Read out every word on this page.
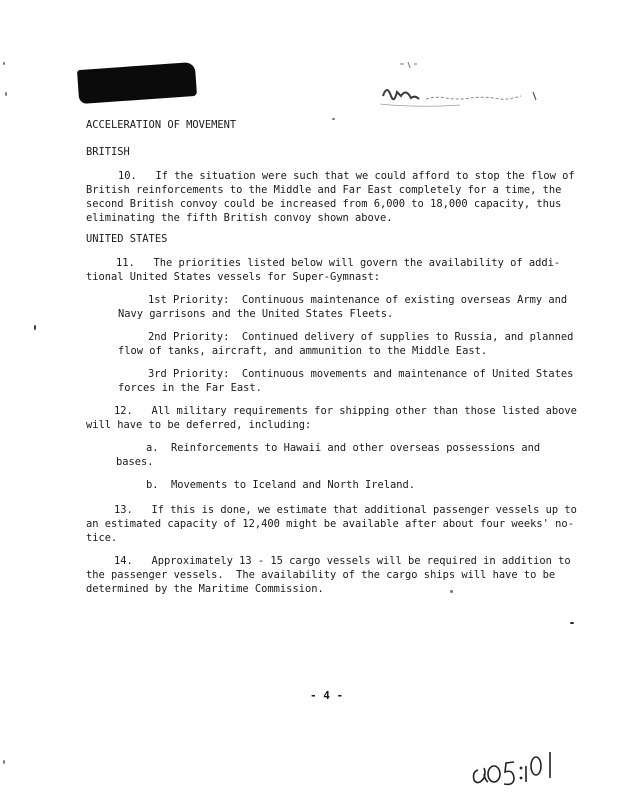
ACCELERATION OF MOVEMENT
BRITISH
10.   If the situation were such that we could afford to stop the flow of
British reinforcements to the Middle and Far East completely for a time, the
second British convoy could be increased from 6,000 to 18,000 capacity, thus
eliminating the fifth British convoy shown above.
UNITED STATES
11.   The priorities listed below will govern the availability of addi-
tional United States vessels for Super-Gymnast:
1st Priority:  Continuous maintenance of existing overseas Army and
Navy garrisons and the United States Fleets.
2nd Priority:  Continued delivery of supplies to Russia, and planned
flow of tanks, aircraft, and ammunition to the Middle East.
3rd Priority:  Continuous movements and maintenance of United States
forces in the Far East.
12.   All military requirements for shipping other than those listed above
will have to be deferred, including:
a.  Reinforcements to Hawaii and other overseas possessions and
bases.
b.  Movements to Iceland and North Ireland.
13.   If this is done, we estimate that additional passenger vessels up to
an estimated capacity of 12,400 might be available after about four weeks' no-
tice.
14.   Approximately 13 - 15 cargo vessels will be required in addition to
the passenger vessels.  The availability of the cargo ships will have to be
determined by the Maritime Commission.
- 4 -
